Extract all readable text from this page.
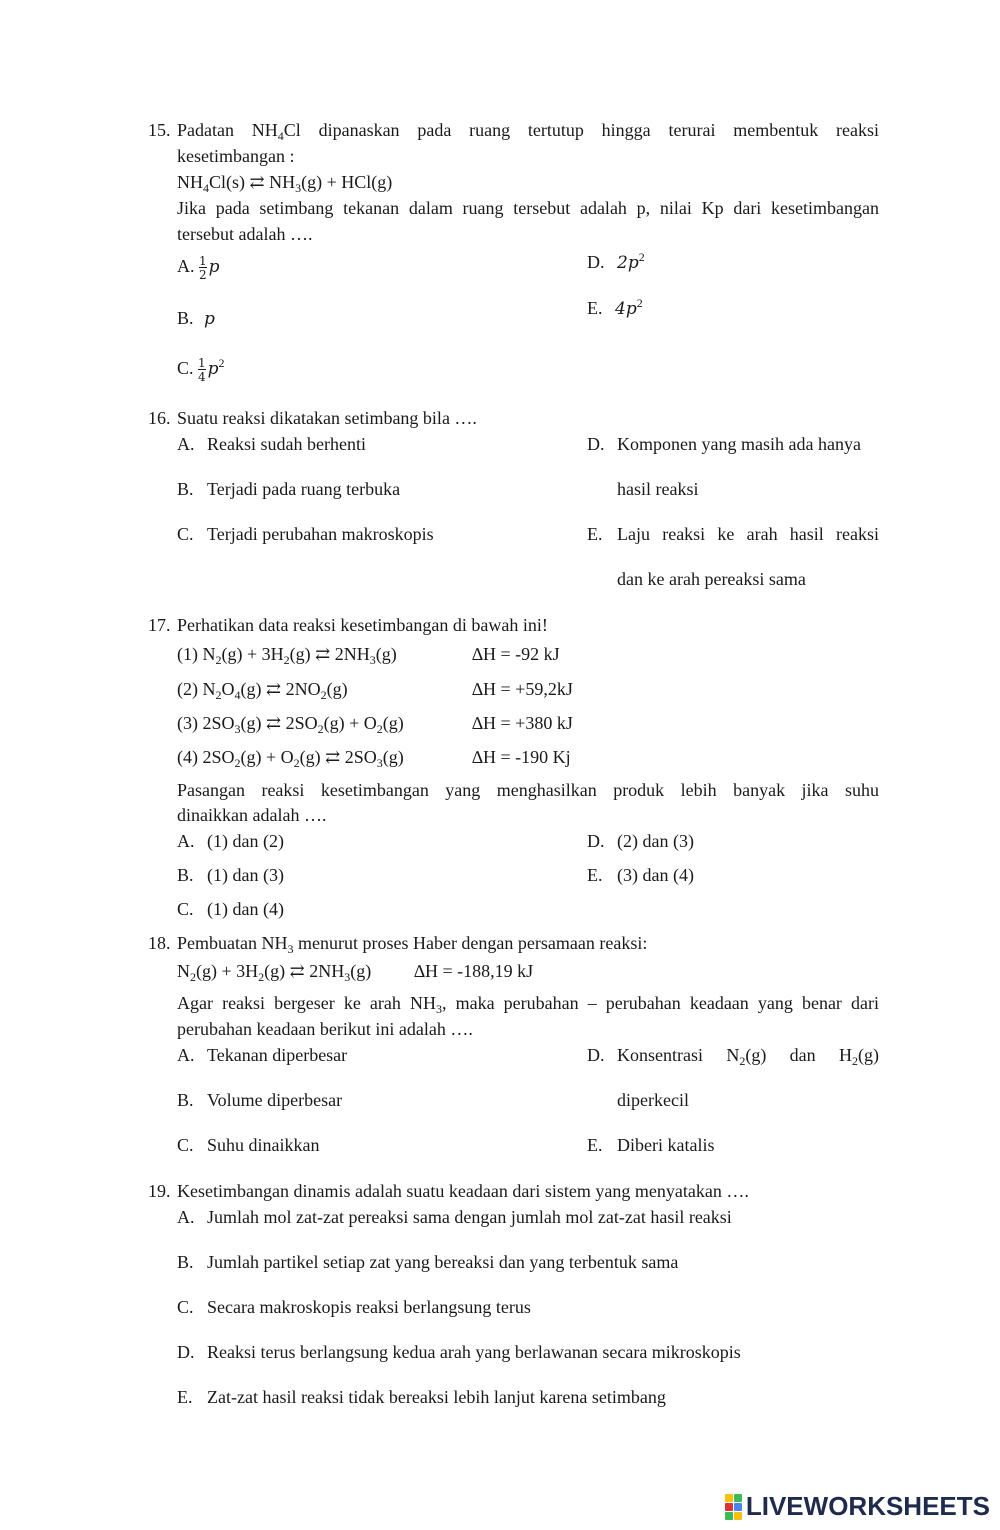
15. Padatan $NH_4Cl$ dipanaskan pada ruang tertutup hingga terurai membentuk reaksi
kesetimbangan :
$NH_4Cl(s)$ ⇄ $NH_3(g) + HCl(g)$
Jika pada setimbang tekanan dalam ruang tersebut adalah p, nilai Kp dari kesetimbangan
tersebut adalah ….
A. $\frac{1}{2}$ p
B. p
C. $\frac{1}{4} p^2$
D. $2p^2$
E. $4p^2$
16. Suatu reaksi dikatakan setimbang bila ….
A. Reaksi sudah berhenti
B. Terjadi pada ruang terbuka
C. Terjadi perubahan makroskopis
D. Komponen yang masih ada hanya
hasil reaksi
E. Laju reaksi ke arah hasil reaksi
dan ke arah pereaksi sama
17. Perhatikan data reaksi kesetimbangan di bawah ini!
(1) $N_2(g) + 3H_2(g)$ ⇄ $2NH_3(g)$	∆H = -92 kJ
(2) $N_2O_4(g)$ ⇄ $2NO_2(g)$	∆H = +59,2kJ
(3) $2SO_3(g)$ ⇄ $2SO_2(g) + O_2(g)$	∆H = +380 kJ
(4) $2SO_2(g) + O_2(g)$ ⇄ $2SO_3(g)$	∆H = -190 Kj
Pasangan reaksi kesetimbangan yang menghasilkan produk lebih banyak jika suhu
dinaikkan adalah ….
A. (1) dan (2)
B. (1) dan (3)
C. (1) dan (4)
D. (2) dan (3)
E. (3) dan (4)
18. Pembuatan $NH_3$ menurut proses Haber dengan persamaan reaksi:
$N_2(g) + 3H_2(g)$ ⇄ $2NH_3(g) \Delta H = -188,19$ kJ
Agar reaksi bergeser ke arah $NH_3$, maka perubahan – perubahan keadaan yang benar dari
perubahan keadaan berikut ini adalah ….
A. Tekanan diperbesar
B. Volume diperbesar
C. Suhu dinaikkan
D. Konsentrasi $N_2(g)$ dan $H_2(g)$
diperkecil
E. Diberi katalis
19. Kesetimbangan dinamis adalah suatu keadaan dari sistem yang menyatakan ….
A. Jumlah mol zat-zat pereaksi sama dengan jumlah mol zat-zat hasil reaksi
B. Jumlah partikel setiap zat yang bereaksi dan yang terbentuk sama
C. Secara makroskopis reaksi berlangsung terus
D. Reaksi terus berlangsung kedua arah yang berlawanan secara mikroskopis
E. Zat-zat hasil reaksi tidak bereaksi lebih lanjut karena setimbang
LIVEWORKSHEETS
